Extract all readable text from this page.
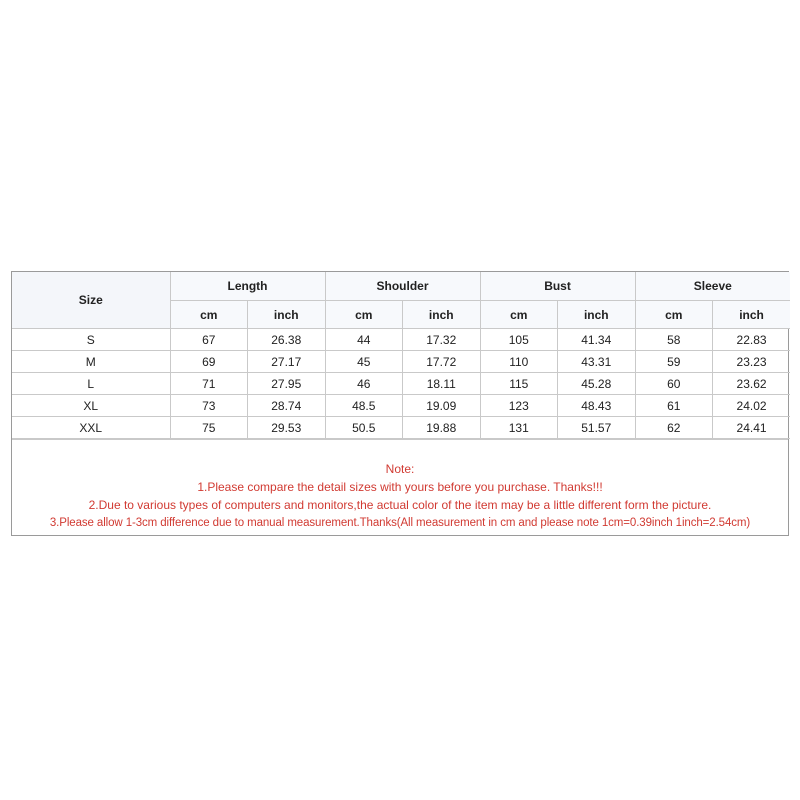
Size	Length		Shoulder		Bust		Sleeve	
	cm	inch	cm	inch	cm	inch	cm	inch
S	67	26.38	44	17.32	105	41.34	58	22.83
M	69	27.17	45	17.72	110	43.31	59	23.23
L	71	27.95	46	18.11	115	45.28	60	23.62
XL	73	28.74	48.5	19.09	123	48.43	61	24.02
XXL	75	29.53	50.5	19.88	131	51.57	62	24.41

Note:

1.Please compare the detail sizes with yours before you purchase. Thanks!!!

2.Due to various types of computers and monitors,the actual color of the item may be a little different form the picture.

3.Please allow 1-3cm difference due to manual measurement.Thanks(All measurement in cm and please note 1cm=0.39inch 1inch=2.54cm)
